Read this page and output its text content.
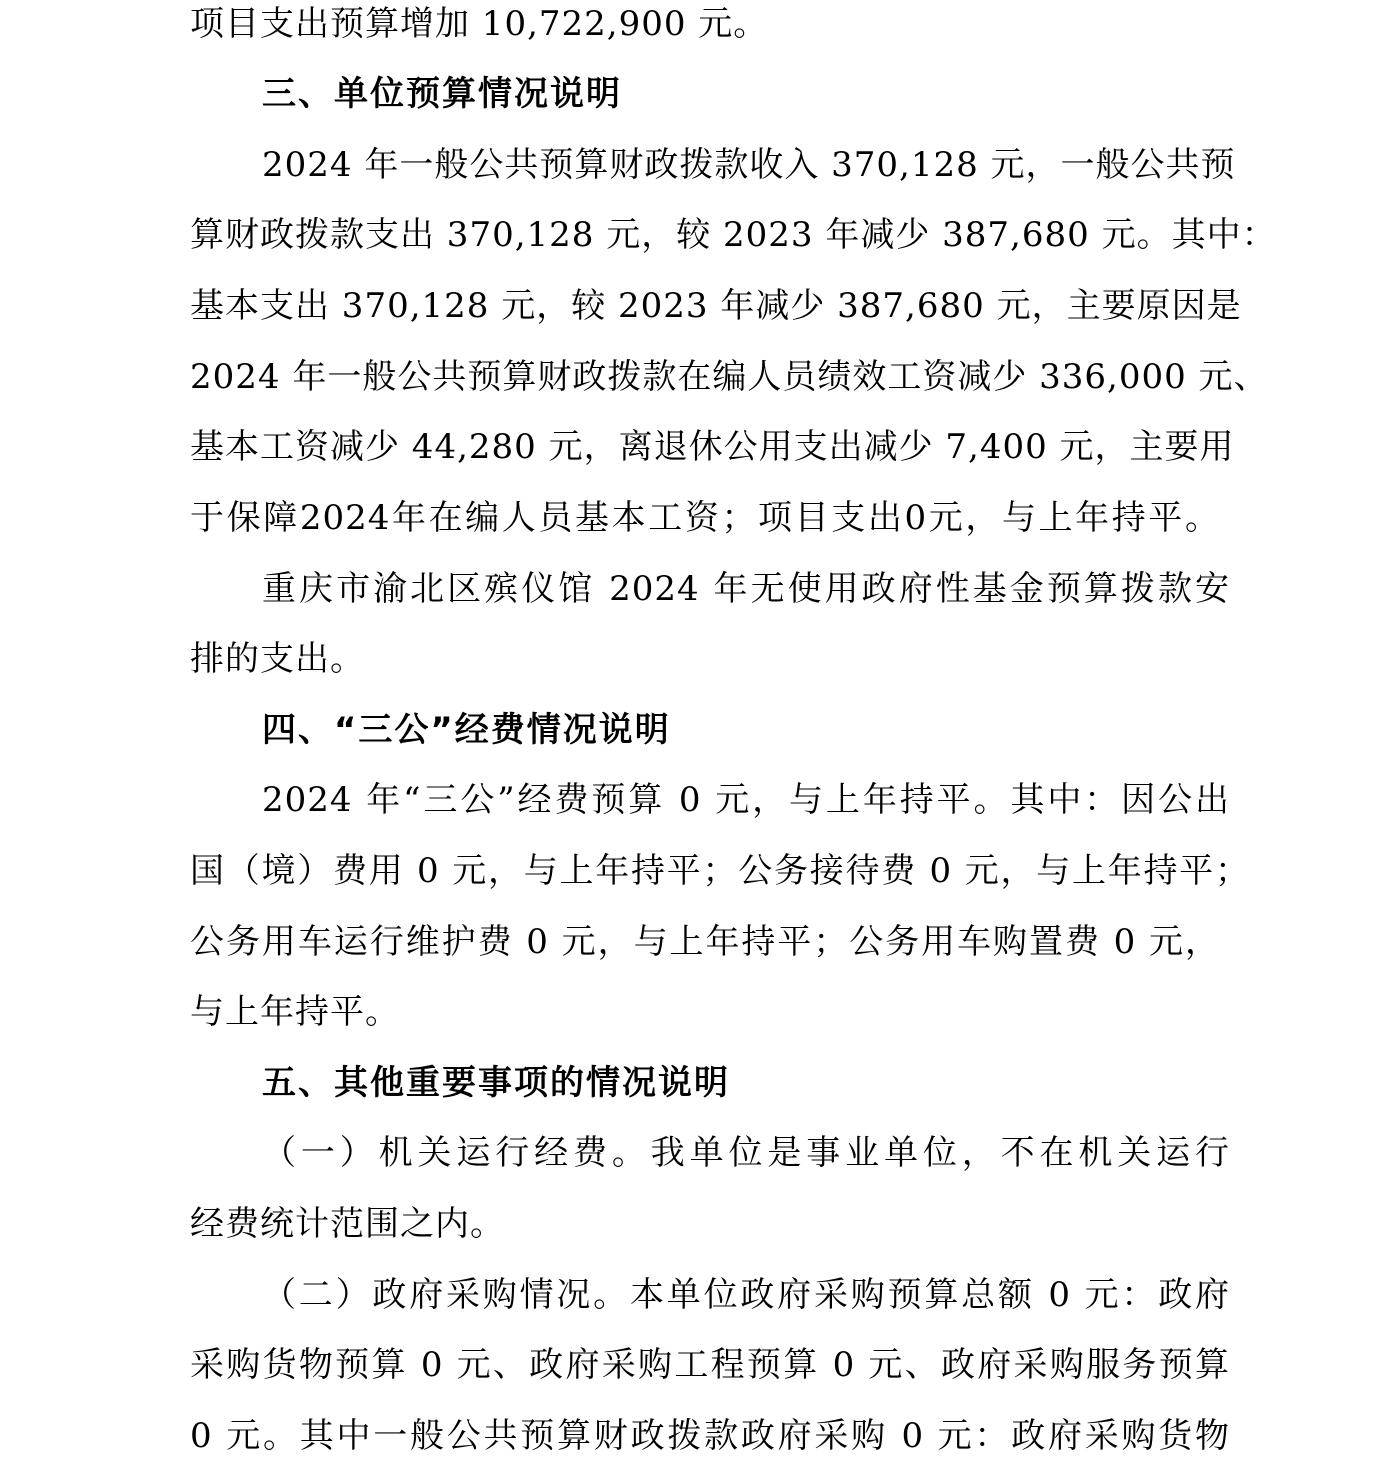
项目支出预算增加 10,722,900 元。
三、单位预算情况说明
2024 年一般公共预算财政拨款收入 370,128 元，一般公共预
算财政拨款支出 370,128 元，较 2023 年减少 387,680 元。其中：
基本支出 370,128 元，较 2023 年减少 387,680 元，主要原因是
2024 年一般公共预算财政拨款在编人员绩效工资减少 336,000 元、
基本工资减少 44,280 元，离退休公用支出减少 7,400 元，主要用
于保障2024年在编人员基本工资；项目支出0元，与上年持平。
重庆市渝北区殡仪馆 2024 年无使用政府性基金预算拨款安
排的支出。
四、“三公”经费情况说明
2024 年“三公”经费预算 0 元，与上年持平。其中：因公出
国（境）费用 0 元，与上年持平；公务接待费 0 元，与上年持平；
公务用车运行维护费 0 元，与上年持平；公务用车购置费 0 元，
与上年持平。
五、其他重要事项的情况说明
（一）机关运行经费。我单位是事业单位，不在机关运行
经费统计范围之内。
（二）政府采购情况。本单位政府采购预算总额 0 元：政府
采购货物预算 0 元、政府采购工程预算 0 元、政府采购服务预算
0 元。其中一般公共预算财政拨款政府采购 0 元：政府采购货物
